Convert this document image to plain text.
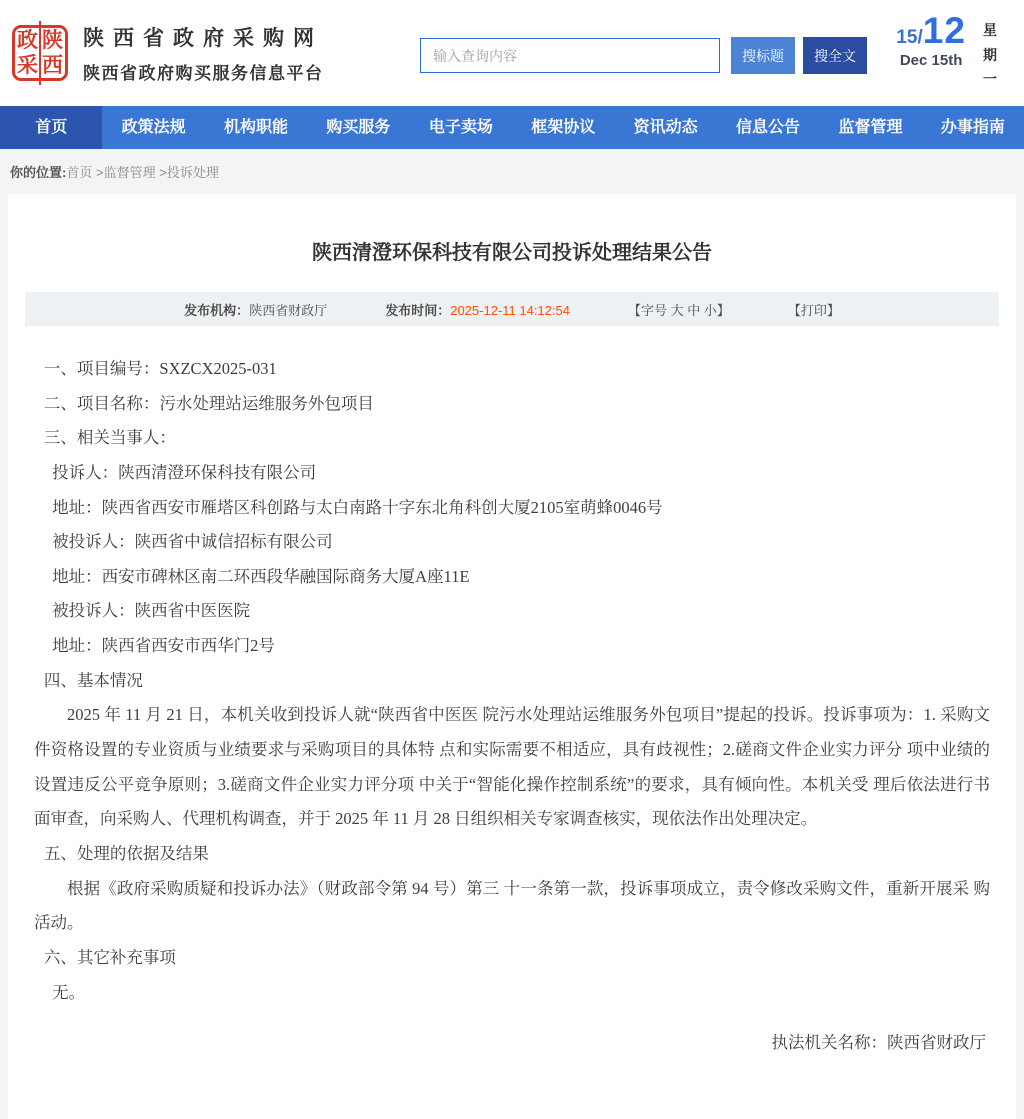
政 陕
采 西
陕西省政府采购网
陕西省政府购买服务信息平台
输入查询内容
搜标题	搜全文
15/12
Dec 15th
星期一
首页	政策法规	机构职能	购买服务	电子卖场	框架协议	资讯动态	信息公告	监督管理	办事指南
你的位置: 首页 >监督管理 >投诉处理
陕西清澄环保科技有限公司投诉处理结果公告
发布机构：陕西省财政厅	发布时间：2025-12-11 14:12:54	【字号 大 中 小】	【打印】

一、项目编号：SXZCX2025-031

二、项目名称：污水处理站运维服务外包项目

三、相关当事人：

投诉人：陕西清澄环保科技有限公司

地址：陕西省西安市雁塔区科创路与太白南路十字东北角科创大厦2105室萌蜂0046号

被投诉人：陕西省中诚信招标有限公司

地址：西安市碑林区南二环西段华融国际商务大厦A座11E

被投诉人：陕西省中医医院

地址：陕西省西安市西华门2号

四、基本情况

2025 年 11 月 21 日，本机关收到投诉人就“陕西省中医医 院污水处理站运维服务外包项目”提起的投诉。投诉事项为：1. 采购文件资格设置的专业资质与业绩要求与采购项目的具体特 点和实际需要不相适应，具有歧视性；2.磋商文件企业实力评分 项中业绩的设置违反公平竞争原则；3.磋商文件企业实力评分项 中关于“智能化操作控制系统”的要求，具有倾向性。本机关受 理后依法进行书面审查，向采购人、代理机构调查，并于 2025 年 11 月 28 日组织相关专家调查核实，现依法作出处理决定。

五、处理的依据及结果

根据《政府采购质疑和投诉办法》（财政部令第 94 号）第三 十一条第一款，投诉事项成立，责令修改采购文件，重新开展采 购活动。

六、其它补充事项

无。

执法机关名称：陕西省财政厅
